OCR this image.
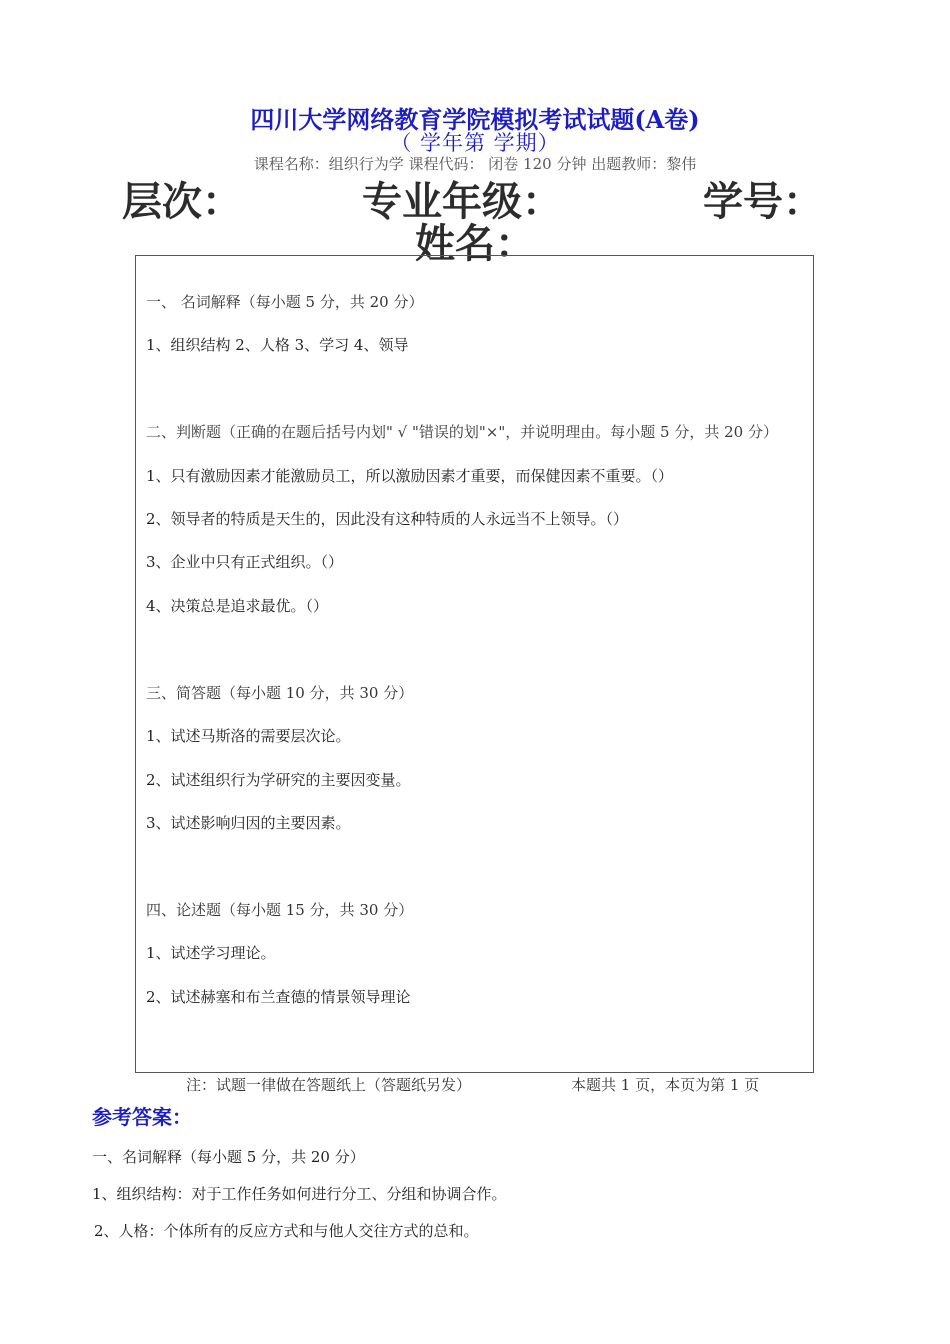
四川大学网络教育学院模拟考试试题(A卷)
（ 学年第 学期）
课程名称：组织行为学 课程代码： 闭卷 120 分钟 出题教师：黎伟
层次：	专业年级：	学号：
姓名：
一、 名词解释（每小题 5 分，共 20 分）
1、组织结构 2、人格 3、学习 4、领导
二、判断题（正确的在题后括号内划" √ "错误的划"×"，并说明理由。每小题 5 分，共 20 分）
1、只有激励因素才能激励员工，所以激励因素才重要，而保健因素不重要。（）
2、领导者的特质是天生的，因此没有这种特质的人永远当不上领导。（）
3、企业中只有正式组织。（）
4、决策总是追求最优。（）
三、简答题（每小题 10 分，共 30 分）
1、试述马斯洛的需要层次论。
2、试述组织行为学研究的主要因变量。
3、试述影响归因的主要因素。
四、论述题（每小题 15 分，共 30 分）
1、试述学习理论。
2、试述赫塞和布兰查德的情景领导理论
注：试题一律做在答题纸上（答题纸另发）	本题共 1 页，本页为第 1 页
参考答案：
一、名词解释（每小题 5 分，共 20 分）
1、组织结构：对于工作任务如何进行分工、分组和协调合作。
2、人格：个体所有的反应方式和与他人交往方式的总和。
